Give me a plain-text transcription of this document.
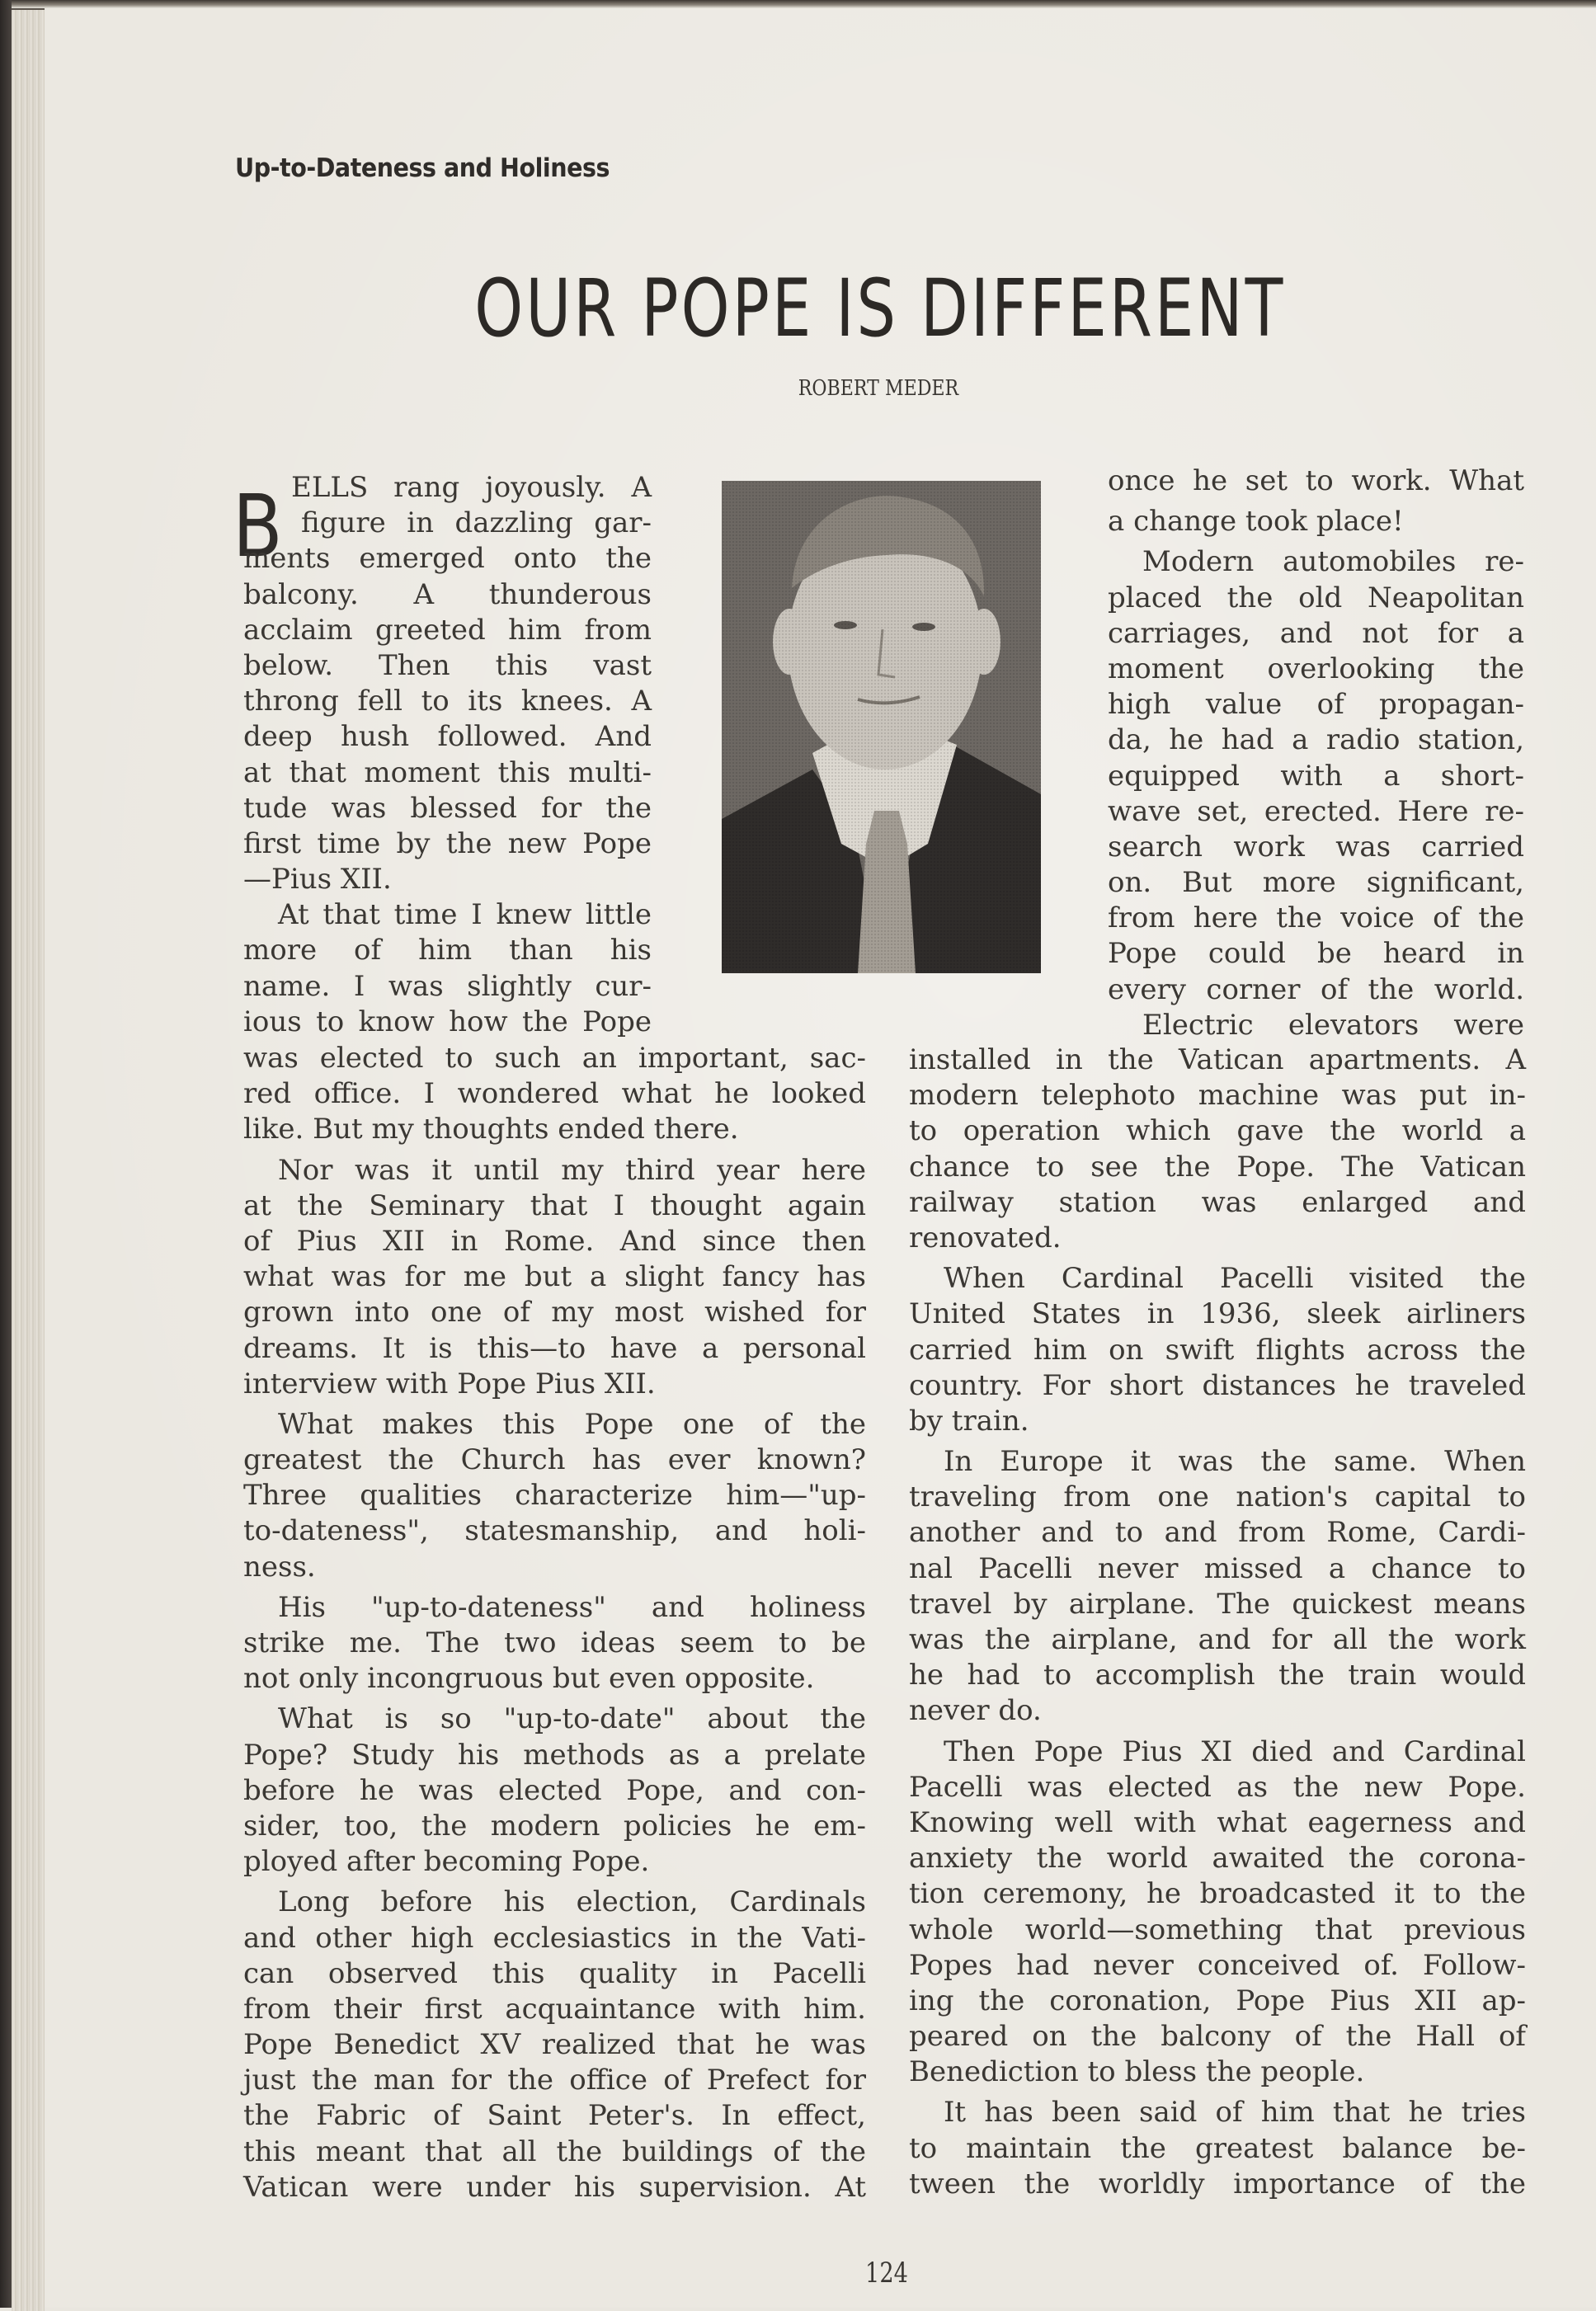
Up-to-Dateness and Holiness
OUR POPE IS DIFFERENT
ROBERT MEDER
B ELLS rang joyously. A
figure in dazzling gar-
ments emerged onto the
balcony. A thunderous
acclaim greeted him from
below. Then this vast
throng fell to its knees. A
deep hush followed. And
at that moment this multi-
tude was blessed for the
first time by the new Pope
—Pius XII.
At that time I knew little
more of him than his
name. I was slightly cur-
ious to know how the Pope
was elected to such an important, sac-
red office. I wondered what he looked
like. But my thoughts ended there.
Nor was it until my third year here
at the Seminary that I thought again
of Pius XII in Rome. And since then
what was for me but a slight fancy has
grown into one of my most wished for
dreams. It is this—to have a personal
interview with Pope Pius XII.
What makes this Pope one of the
greatest the Church has ever known?
Three qualities characterize him—"up-
to-dateness", statesmanship, and holi-
ness.
His "up-to-dateness" and holiness
strike me. The two ideas seem to be
not only incongruous but even opposite.
What is so "up-to-date" about the
Pope? Study his methods as a prelate
before he was elected Pope, and con-
sider, too, the modern policies he em-
ployed after becoming Pope.
Long before his election, Cardinals
and other high ecclesiastics in the Vati-
can observed this quality in Pacelli
from their first acquaintance with him.
Pope Benedict XV realized that he was
just the man for the office of Prefect for
the Fabric of Saint Peter's. In effect,
this meant that all the buildings of the
Vatican were under his supervision. At
once he set to work. What
a change took place!
Modern automobiles re-
placed the old Neapolitan
carriages, and not for a
moment overlooking the
high value of propagan-
da, he had a radio station,
equipped with a short-
wave set, erected. Here re-
search work was carried
on. But more significant,
from here the voice of the
Pope could be heard in
every corner of the world.
Electric elevators were
installed in the Vatican apartments. A
modern telephoto machine was put in-
to operation which gave the world a
chance to see the Pope. The Vatican
railway station was enlarged and
renovated.
When Cardinal Pacelli visited the
United States in 1936, sleek airliners
carried him on swift flights across the
country. For short distances he traveled
by train.
In Europe it was the same. When
traveling from one nation's capital to
another and to and from Rome, Cardi-
nal Pacelli never missed a chance to
travel by airplane. The quickest means
was the airplane, and for all the work
he had to accomplish the train would
never do.
Then Pope Pius XI died and Cardinal
Pacelli was elected as the new Pope.
Knowing well with what eagerness and
anxiety the world awaited the corona-
tion ceremony, he broadcasted it to the
whole world—something that previous
Popes had never conceived of. Follow-
ing the coronation, Pope Pius XII ap-
peared on the balcony of the Hall of
Benediction to bless the people.
It has been said of him that he tries
to maintain the greatest balance be-
tween the worldly importance of the
124
